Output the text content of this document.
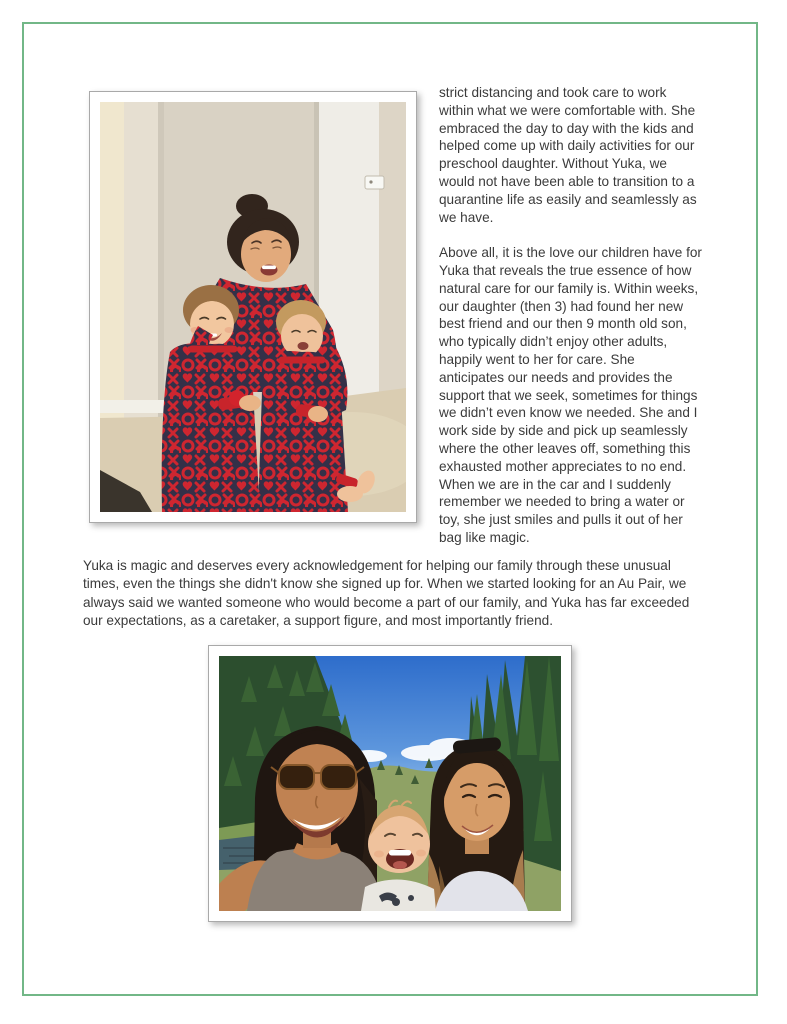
strict distancing and took care to work within what we were comfortable with. She embraced the day to day with the kids and helped come up with daily activities for our preschool daughter. Without Yuka, we would not have been able to transition to a quarantine life as easily and seamlessly as we have.

Above all, it is the love our children have for Yuka that reveals the true essence of how natural care for our family is. Within weeks, our daughter (then 3) had found her new best friend and our then 9 month old son, who typically didn’t enjoy other adults, happily went to her for care. She anticipates our needs and provides the support that we seek, sometimes for things we didn’t even know we needed. She and I work side by side and pick up seamlessly where the other leaves off, something this exhausted mother appreciates to no end. When we are in the car and I suddenly remember we needed to bring a water or toy, she just smiles and pulls it out of her bag like magic.

Yuka is magic and deserves every acknowledgement for helping our family through these unusual times, even the things she didn't know she signed up for. When we started looking for an Au Pair, we always said we wanted someone who would become a part of our family, and Yuka has far exceeded our expectations, as a caretaker, a support figure, and most importantly friend.
